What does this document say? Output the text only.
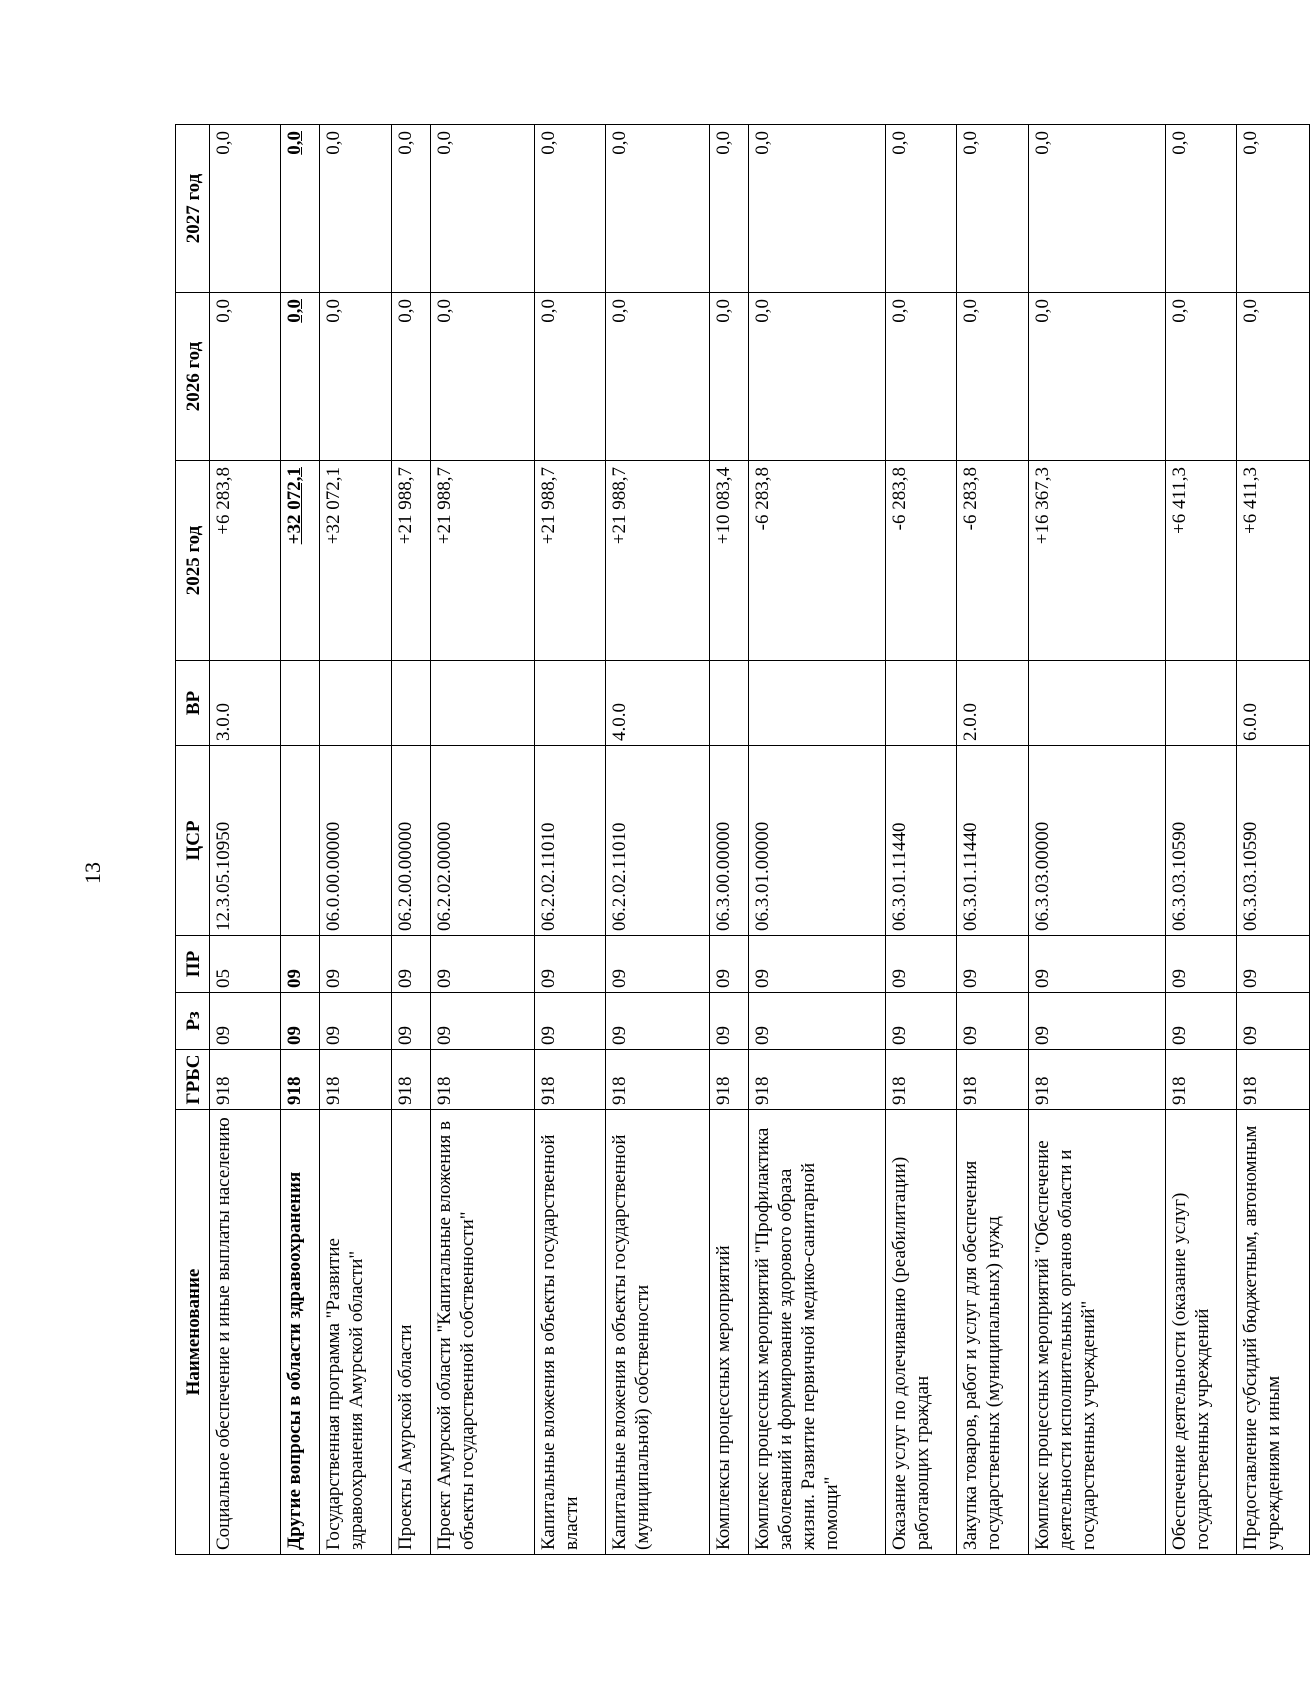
13
Наименование	ГРБС	Рз	ПР	ЦСР	ВР	2025 год	2026 год	2027 год
Социальное обеспечение и иные выплаты населению	918	09	05	12.3.05.10950	3.0.0	+6 283,8	0,0	0,0
Другие вопросы в области здравоохранения	918	09	09			+32 072,1	0,0	0,0
Государственная программа "Развитие здравоохранения Амурской области"	918	09	09	06.0.00.00000		+32 072,1	0,0	0,0
Проекты Амурской области	918	09	09	06.2.00.00000		+21 988,7	0,0	0,0
Проект Амурской области "Капитальные вложения в объекты государственной собственности"	918	09	09	06.2.02.00000		+21 988,7	0,0	0,0
Капитальные вложения в объекты государственной власти	918	09	09	06.2.02.11010		+21 988,7	0,0	0,0
Капитальные вложения в объекты государственной (муниципальной) собственности	918	09	09	06.2.02.11010	4.0.0	+21 988,7	0,0	0,0
Комплексы процессных мероприятий	918	09	09	06.3.00.00000		+10 083,4	0,0	0,0
Комплекс процессных мероприятий "Профилактика заболеваний и формирование здорового образа жизни. Развитие первичной медико-санитарной помощи"	918	09	09	06.3.01.00000		-6 283,8	0,0	0,0
Оказание услуг по долечиванию (реабилитации) работающих граждан	918	09	09	06.3.01.11440		-6 283,8	0,0	0,0
Закупка товаров, работ и услуг для обеспечения государственных (муниципальных) нужд	918	09	09	06.3.01.11440	2.0.0	-6 283,8	0,0	0,0
Комплекс процессных мероприятий "Обеспечение деятельности исполнительных органов области и государственных учреждений"	918	09	09	06.3.03.00000		+16 367,3	0,0	0,0
Обеспечение деятельности (оказание услуг) государственных учреждений	918	09	09	06.3.03.10590		+6 411,3	0,0	0,0
Предоставление субсидий бюджетным, автономным учреждениям и иным	918	09	09	06.3.03.10590	6.0.0	+6 411,3	0,0	0,0
